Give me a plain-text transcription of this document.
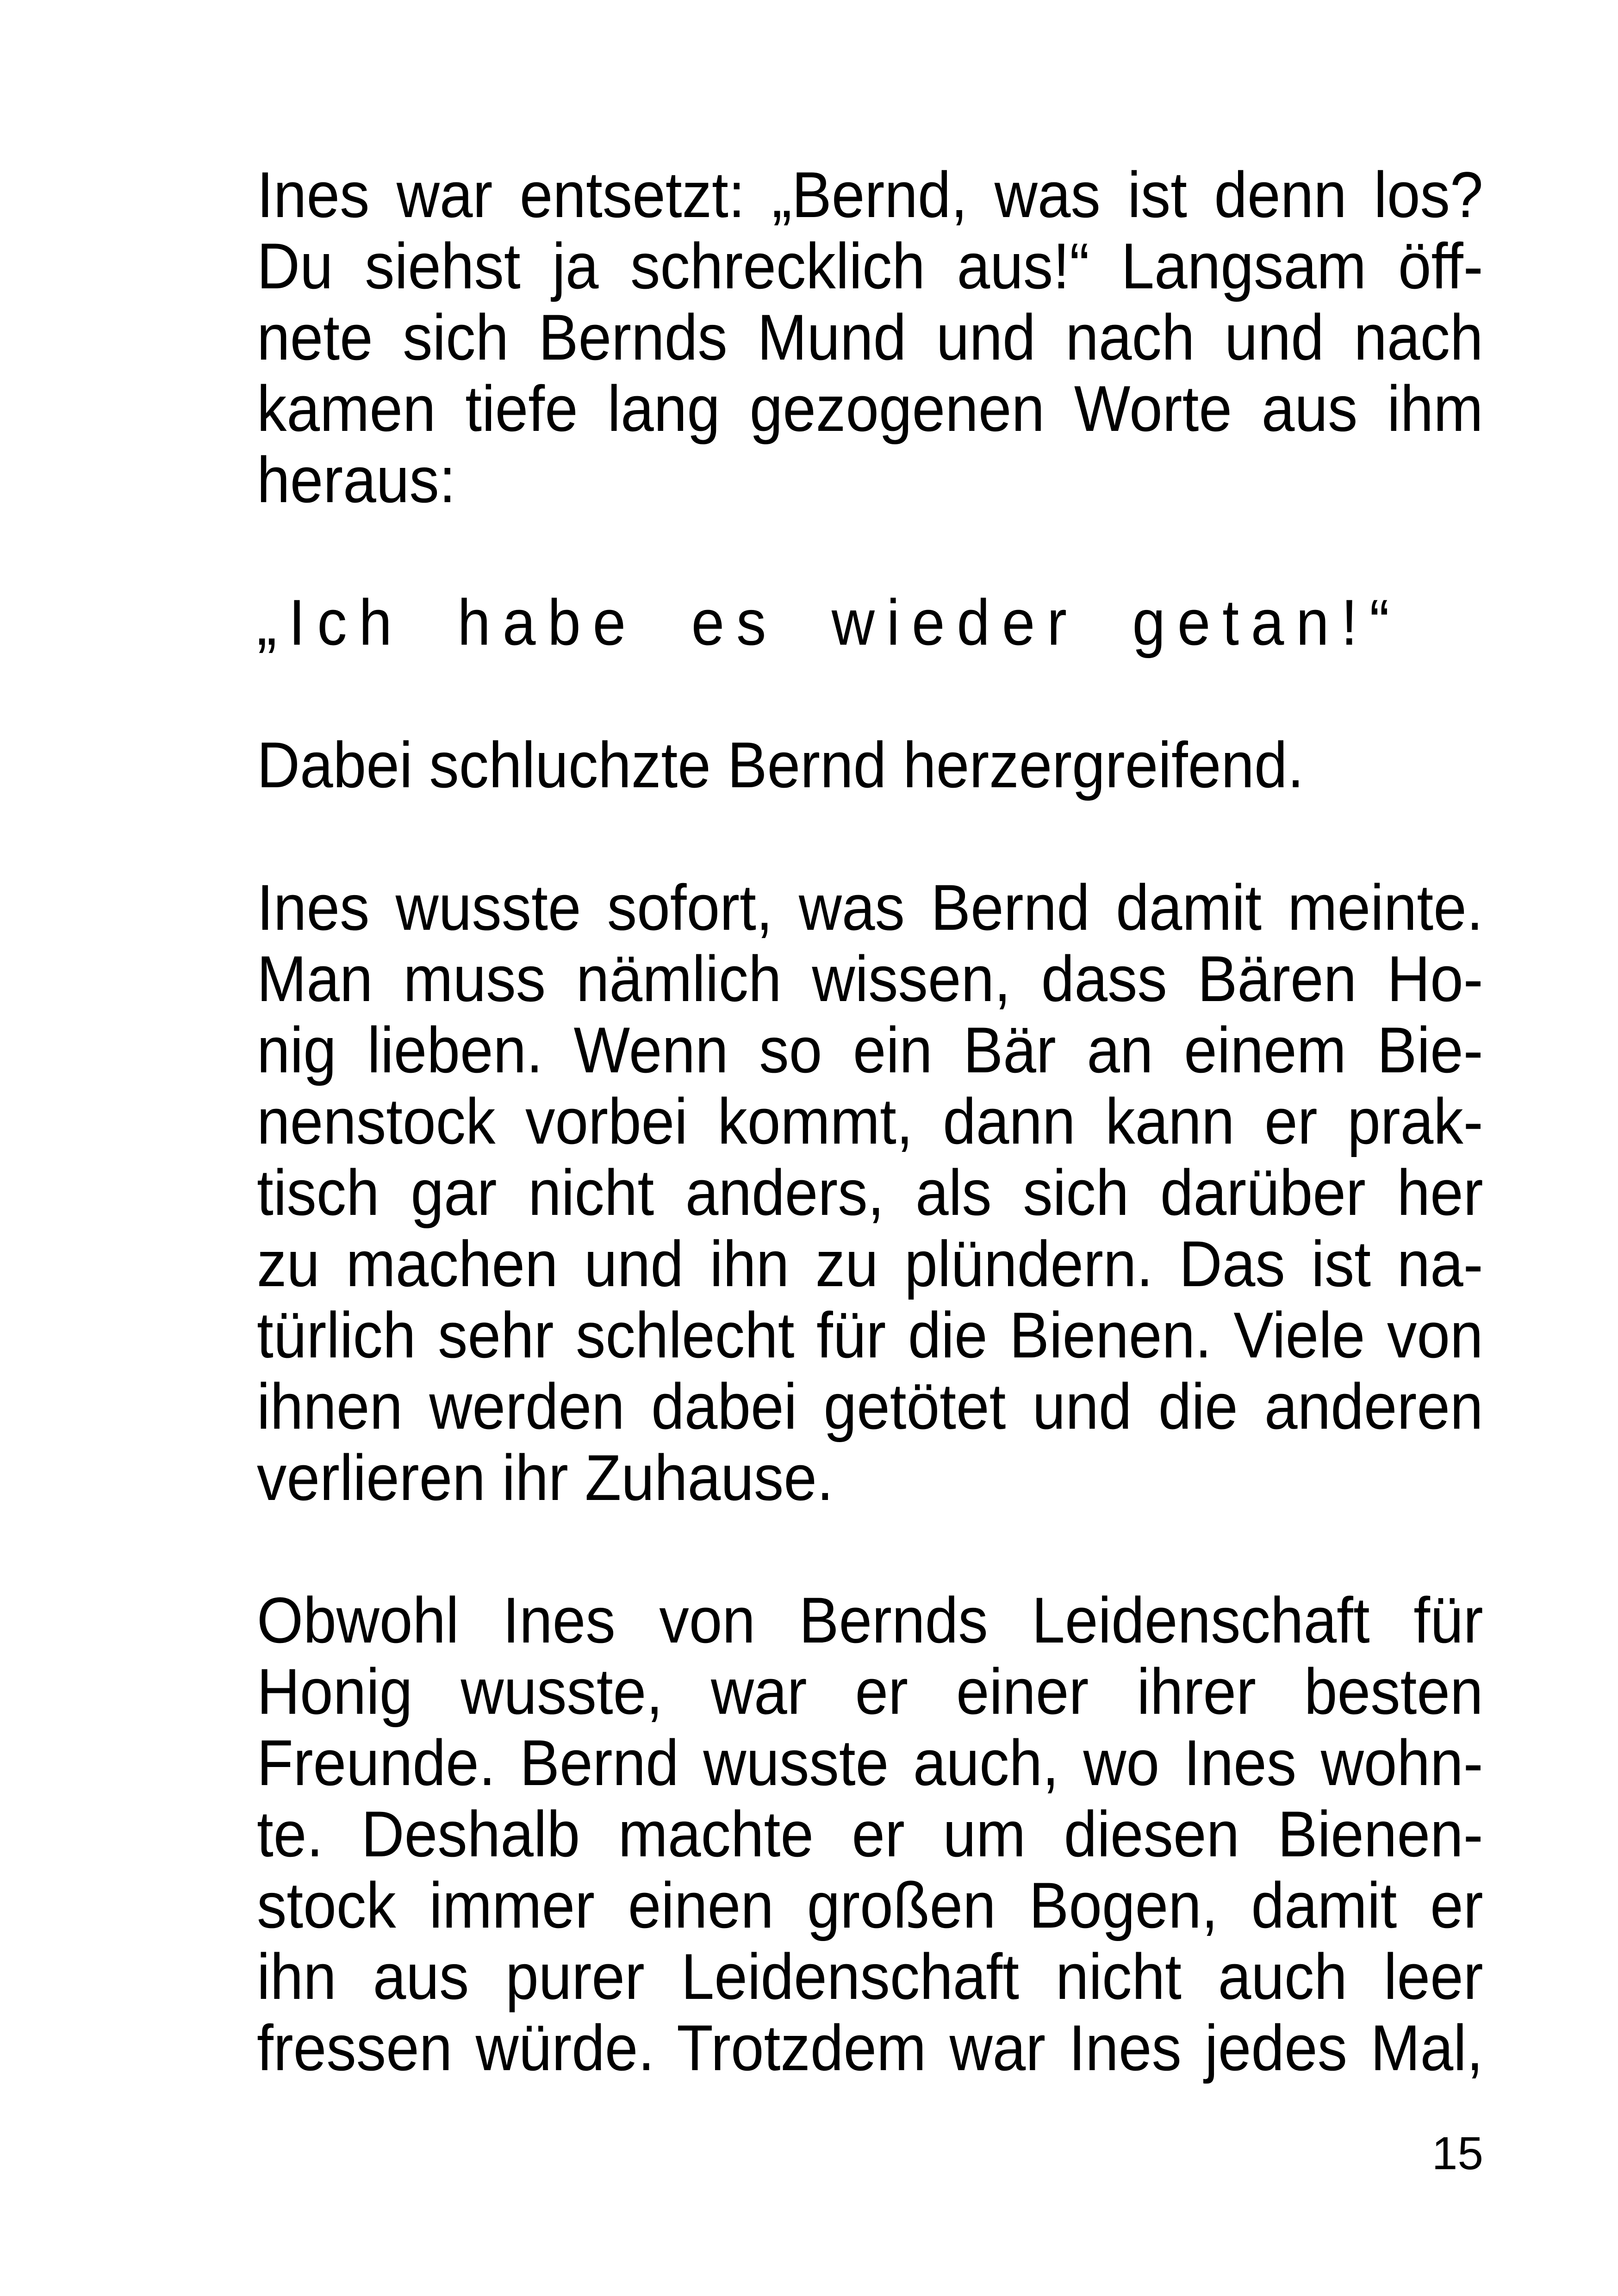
Ines war entsetzt: „Bernd, was ist denn los?
Du siehst ja schrecklich aus!“ Langsam öff-
nete sich Bernds Mund und nach und nach
kamen tiefe lang gezogenen Worte aus ihm
heraus:
„Ich habe es wieder getan!“
Dabei schluchzte Bernd herzergreifend.
Ines wusste sofort, was Bernd damit meinte.
Man muss nämlich wissen, dass Bären Ho-
nig lieben. Wenn so ein Bär an einem Bie-
nenstock vorbei kommt, dann kann er prak-
tisch gar nicht anders, als sich darüber her
zu machen und ihn zu plündern. Das ist na-
türlich sehr schlecht für die Bienen. Viele von
ihnen werden dabei getötet und die anderen
verlieren ihr Zuhause.
Obwohl Ines von Bernds Leidenschaft für
Honig wusste, war er einer ihrer besten
Freunde. Bernd wusste auch, wo Ines wohn-
te. Deshalb machte er um diesen Bienen-
stock immer einen großen Bogen, damit er
ihn aus purer Leidenschaft nicht auch leer
fressen würde. Trotzdem war Ines jedes Mal,
15
